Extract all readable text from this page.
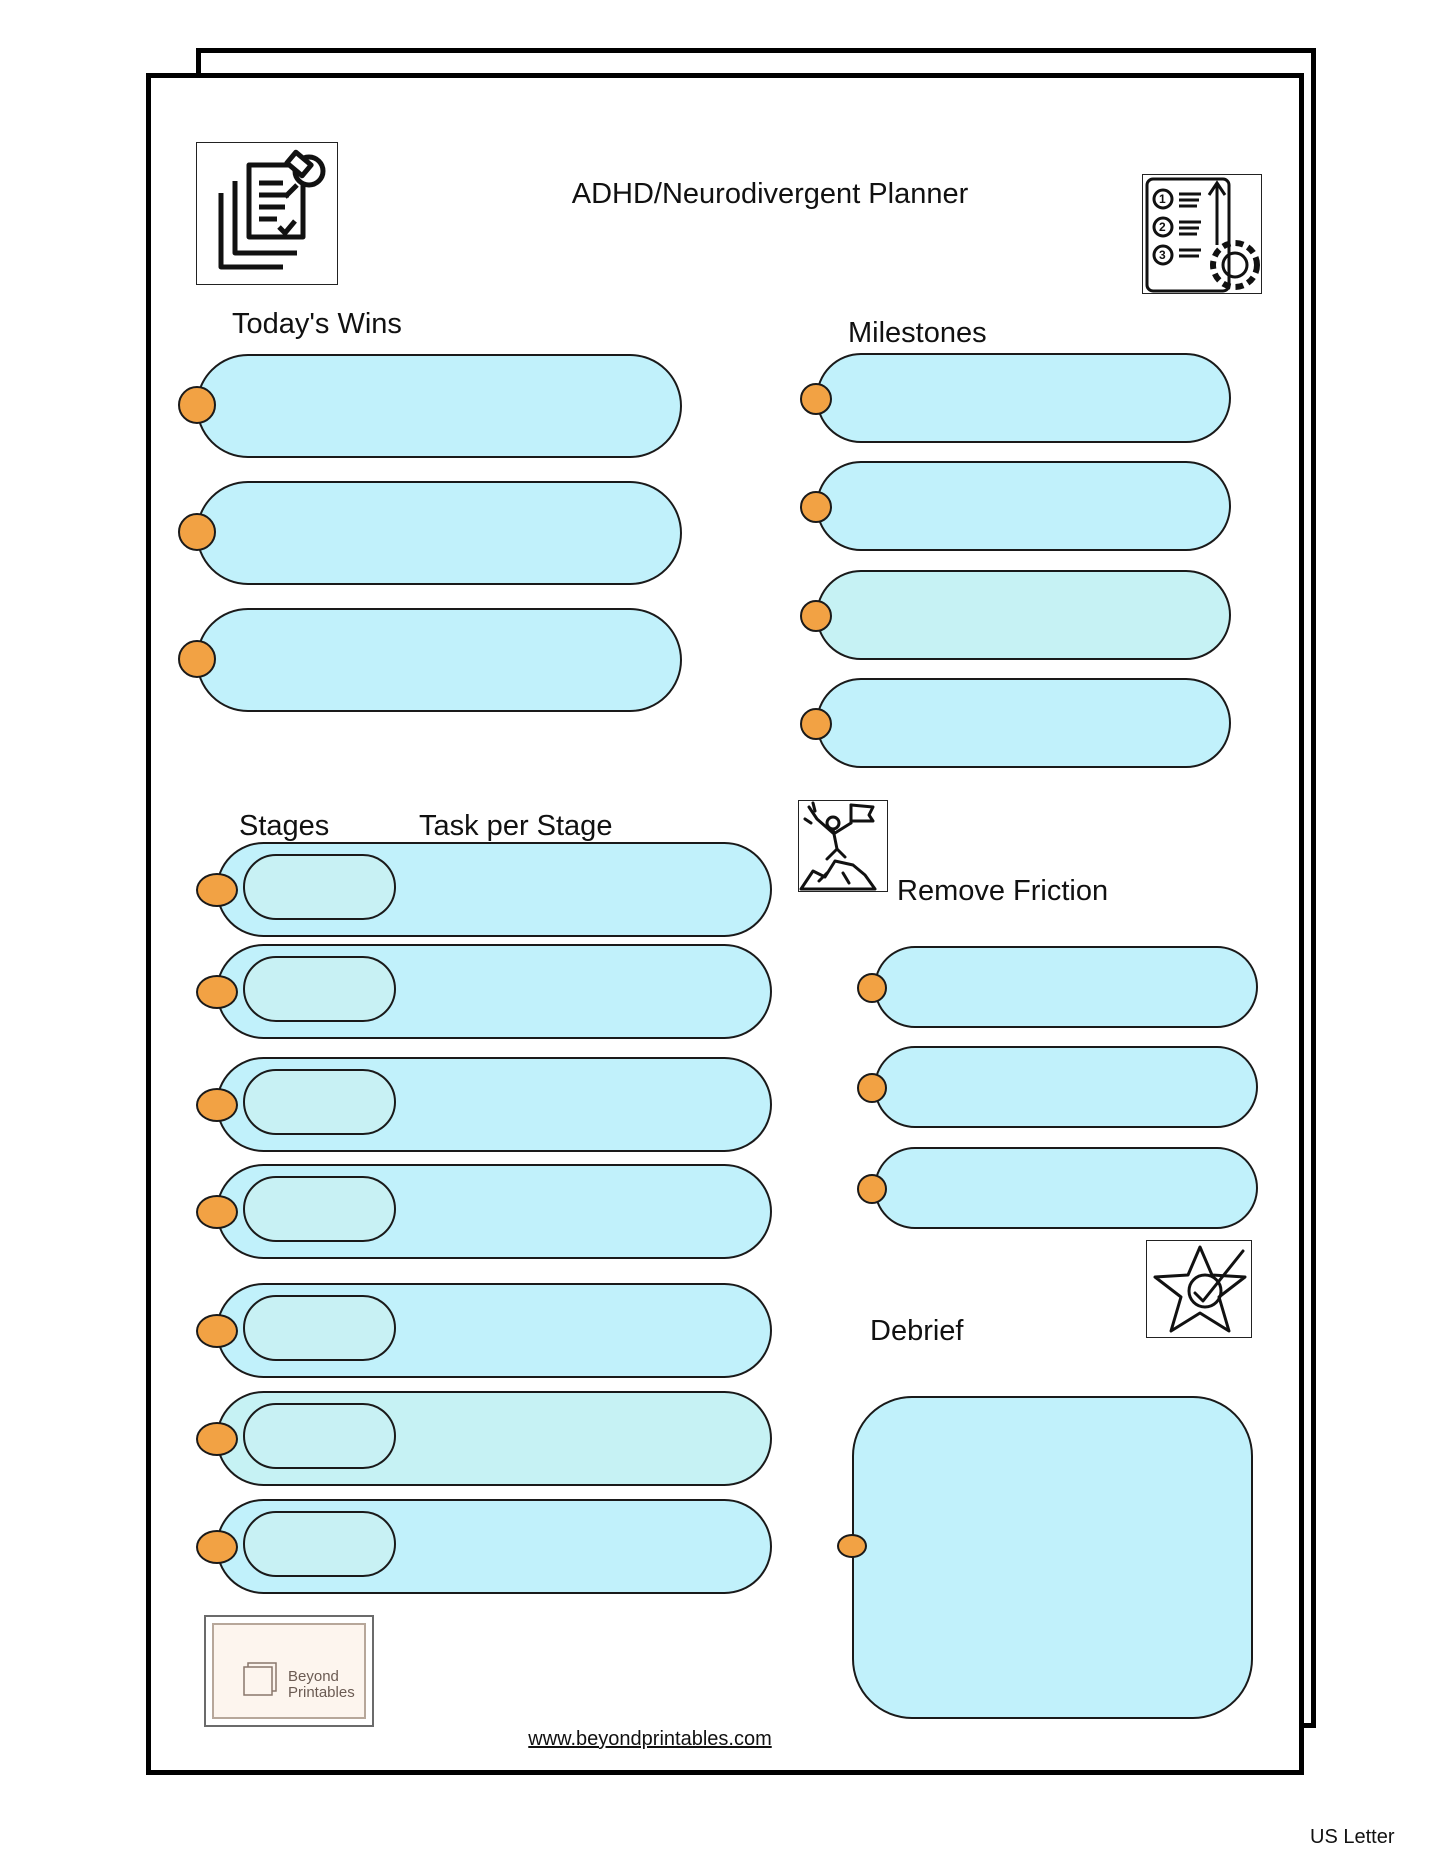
1
2
3
ADHD/Neurodivergent Planner
Today's Wins	Milestones
Stages	Task per Stage
Remove Friction
Debrief
Beyond
Printables
www.beyondprintables.com
US Letter
